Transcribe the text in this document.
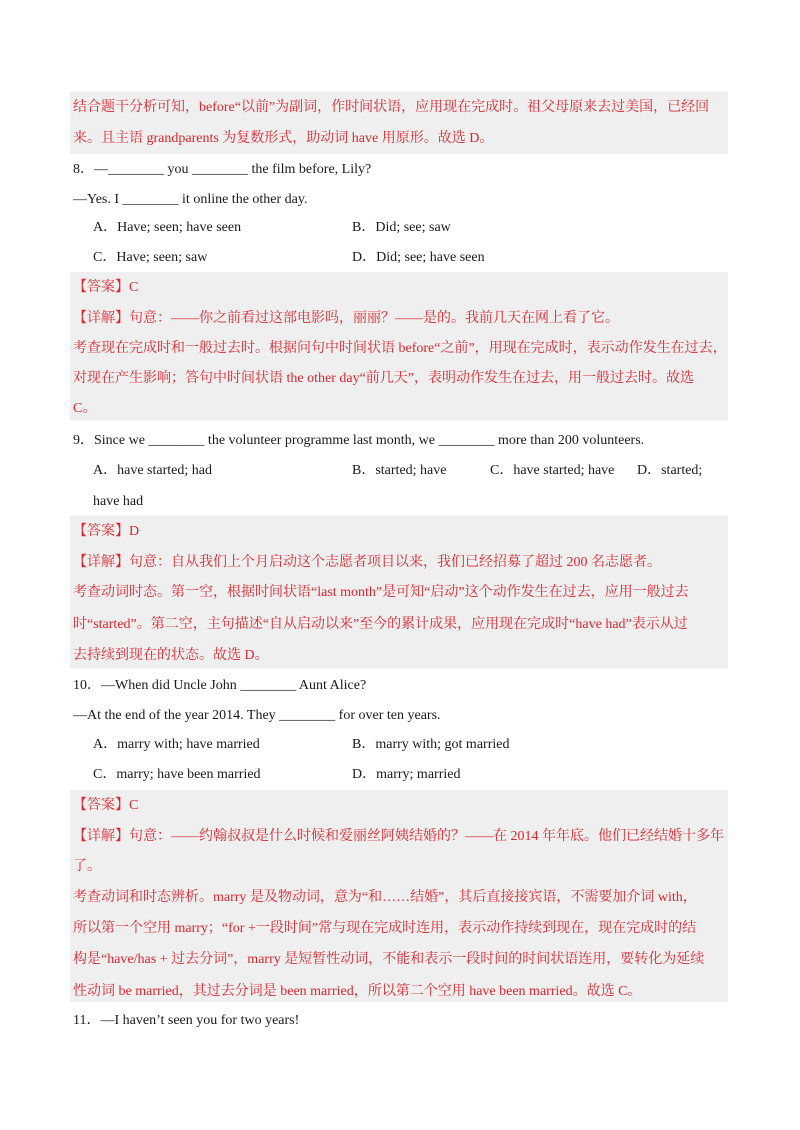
结合题干分析可知，before“以前”为副词，作时间状语，应用现在完成时。祖父母原来去过美国，已经回
来。且主语 grandparents 为复数形式，助动词 have 用原形。故选 D。
8．—________ you ________ the film before, Lily?
—Yes. I ________ it online the other day.
A．Have; seen; have seen	B．Did; see; saw
C．Have; seen; saw	D．Did; see; have seen
【答案】C
【详解】句意：——你之前看过这部电影吗，丽丽？——是的。我前几天在网上看了它。
考查现在完成时和一般过去时。根据问句中时间状语 before“之前”，用现在完成时，表示动作发生在过去，
对现在产生影响；答句中时间状语 the other day“前几天”，表明动作发生在过去，用一般过去时。故选
C。
9．Since we ________ the volunteer programme last month, we ________ more than 200 volunteers.
A．have started; had	B．started; have	C．have started; have D．started;
have had
【答案】D
【详解】句意：自从我们上个月启动这个志愿者项目以来，我们已经招募了超过 200 名志愿者。
考查动词时态。第一空，根据时间状语“last month”是可知“启动”这个动作发生在过去，应用一般过去
时“started”。第二空，主句描述“自从启动以来”至今的累计成果，应用现在完成时“have had”表示从过
去持续到现在的状态。故选 D。
10．—When did Uncle John ________ Aunt Alice?
—At the end of the year 2014. They ________ for over ten years.
A．marry with; have married	B．marry with; got married
C．marry; have been married	D．marry; married
【答案】C
【详解】句意：——约翰叔叔是什么时候和爱丽丝阿姨结婚的？——在 2014 年年底。他们已经结婚十多年
了。
考查动词和时态辨析。marry 是及物动词，意为“和……结婚”，其后直接接宾语，不需要加介词 with，
所以第一个空用 marry；“for +一段时间”常与现在完成时连用，表示动作持续到现在，现在完成时的结
构是“have/has + 过去分词”，marry 是短暂性动词，不能和表示一段时间的时间状语连用，要转化为延续
性动词 be married，其过去分词是 been married，所以第二个空用 have been married。故选 C。
11．—I haven’t seen you for two years!
